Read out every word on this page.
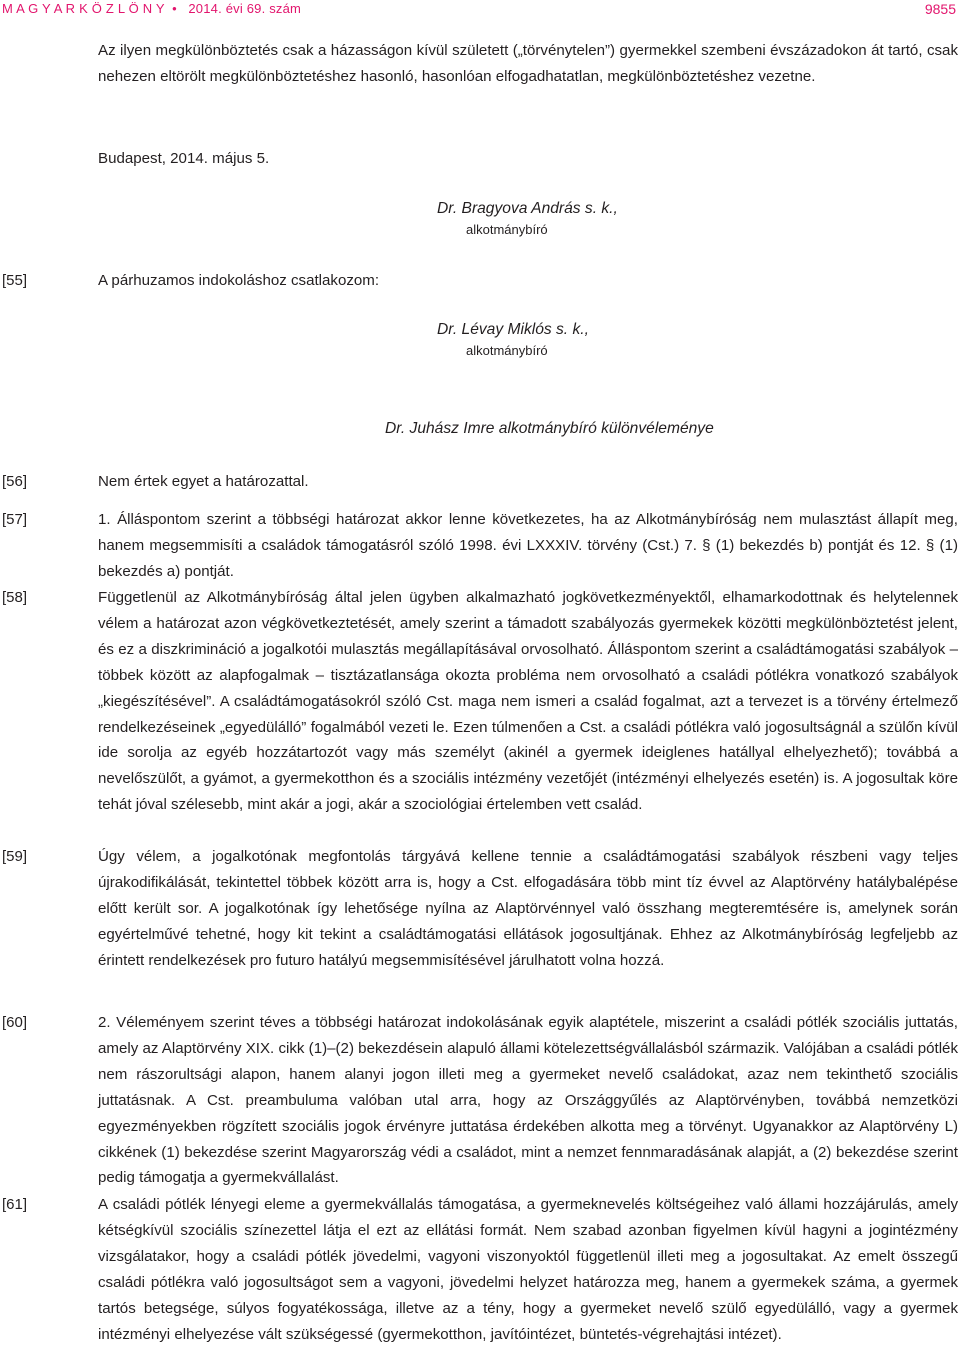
M A G Y A R K Ö Z L Ö N Y • 2014. évi 69. szám	9855
Az ilyen megkülönböztetés csak a házasságon kívül született („törvénytelen”) gyermekkel szembeni évszázadokon át tartó, csak nehezen eltörölt megkülönböztetéshez hasonló, hasonlóan elfogadhatatlan, megkülönböztetéshez vezetne.
Budapest, 2014. május 5.
Dr. Bragyova András s. k.,
alkotmánybíró
[55]	A párhuzamos indokoláshoz csatlakozom:
Dr. Lévay Miklós s. k.,
alkotmánybíró
Dr. Juhász Imre alkotmánybíró különvéleménye
[56]	Nem értek egyet a határozattal.
[57]	1. Álláspontom szerint a többségi határozat akkor lenne következetes, ha az Alkotmánybíróság nem mulasztást állapít meg, hanem megsemmisíti a családok támogatásról szóló 1998. évi LXXXIV. törvény (Cst.) 7. § (1) bekezdés b) pontját és 12. § (1) bekezdés a) pontját.
[58]	Függetlenül az Alkotmánybíróság által jelen ügyben alkalmazható jogkövetkezményektől, elhamarkodottnak és helytelennek vélem a határozat azon végkövetkeztetését, amely szerint a támadott szabályozás gyermekek közötti megkülönböztetést jelent, és ez a diszkrimináció a jogalkotói mulasztás megállapításával orvosolható. Álláspontom szerint a családtámogatási szabályok – többek között az alapfogalmak – tisztázatlansága okozta probléma nem orvosolható a családi pótlékra vonatkozó szabályok „kiegészítésével”. A családtámogatásokról szóló Cst. maga nem ismeri a család fogalmat, azt a tervezet is a törvény értelmező rendelkezéseinek „egyedülálló” fogalmából vezeti le. Ezen túlmenően a Cst. a családi pótlékra való jogosultságnál a szülőn kívül ide sorolja az egyéb hozzátartozót vagy más személyt (akinél a gyermek ideiglenes hatállyal elhelyezhető); továbbá a nevelőszülőt, a gyámot, a gyermekotthon és a szociális intézmény vezetőjét (intézményi elhelyezés esetén) is. A jogosultak köre tehát jóval szélesebb, mint akár a jogi, akár a szociológiai értelemben vett család.
[59]	Úgy vélem, a jogalkotónak megfontolás tárgyává kellene tennie a családtámogatási szabályok részbeni vagy teljes újrakodifikálását, tekintettel többek között arra is, hogy a Cst. elfogadására több mint tíz évvel az Alaptörvény hatálybalépése előtt került sor. A jogalkotónak így lehetősége nyílna az Alaptörvénnyel való összhang megteremtésére is, amelynek során egyértelművé tehetné, hogy kit tekint a családtámogatási ellátások jogosultjának. Ehhez az Alkotmánybíróság legfeljebb az érintett rendelkezések pro futuro hatályú megsemmisítésével járulhatott volna hozzá.
[60]	2. Véleményem szerint téves a többségi határozat indokolásának egyik alaptétele, miszerint a családi pótlék szociális juttatás, amely az Alaptörvény XIX. cikk (1)–(2) bekezdésein alapuló állami kötelezettségvállalásból származik. Valójában a családi pótlék nem rászorultsági alapon, hanem alanyi jogon illeti meg a gyermeket nevelő családokat, azaz nem tekinthető szociális juttatásnak. A Cst. preambuluma valóban utal arra, hogy az Országgyűlés az Alaptörvényben, továbbá nemzetközi egyezményekben rögzített szociális jogok érvényre juttatása érdekében alkotta meg a törvényt. Ugyanakkor az Alaptörvény L) cikkének (1) bekezdése szerint Magyarország védi a családot, mint a nemzet fennmaradásának alapját, a (2) bekezdése szerint pedig támogatja a gyermekvállalást.
[61]	A családi pótlék lényegi eleme a gyermekvállalás támogatása, a gyermeknevelés költségeihez való állami hozzájárulás, amely kétségkívül szociális színezettel látja el ezt az ellátási formát. Nem szabad azonban figyelmen kívül hagyni a jogintézmény vizsgálatakor, hogy a családi pótlék jövedelmi, vagyoni viszonyoktól függetlenül illeti meg a jogosultakat. Az emelt összegű családi pótlékra való jogosultságot sem a vagyoni, jövedelmi helyzet határozza meg, hanem a gyermekek száma, a gyermek tartós betegsége, súlyos fogyatékossága, illetve az a tény, hogy a gyermeket nevelő szülő egyedülálló, vagy a gyermek intézményi elhelyezése vált szükségessé (gyermekotthon, javítóintézet, büntetés-végrehajtási intézet).
